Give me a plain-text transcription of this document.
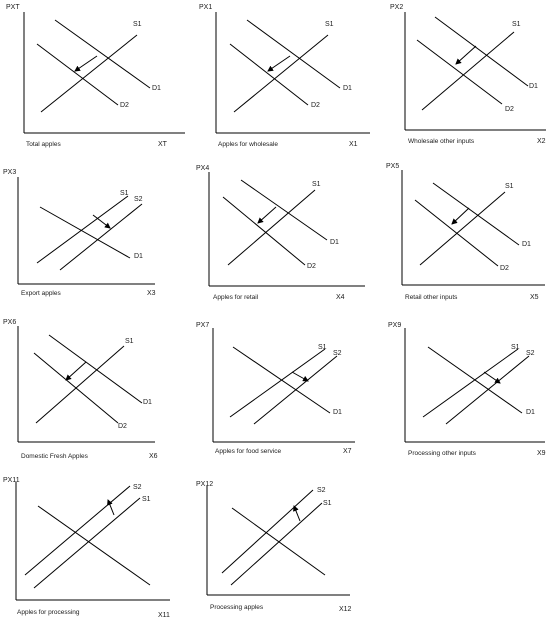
PXT
XT
Total apples
S1
D1
D2
PX1
X1
Apples for wholesale
S1
D1
D2
PX2
X2
Wholesale other inputs
S1
D1
D2
PX3
X3
Export apples
S1
S2
D1
PX4
X4
Apples for retail
S1
D1
D2
PX5
X5
Retail other inputs
S1
D1
D2
PX6
X6
Domestic Fresh Apples
S1
D1
D2
PX7
X7
Apples for food service
S1
S2
D1
PX9
X9
Processing other inputs
S1
S2
D1
PX11
X11
Apples for processing
S2
S1
PX12
X12
Processing apples
S2
S1
